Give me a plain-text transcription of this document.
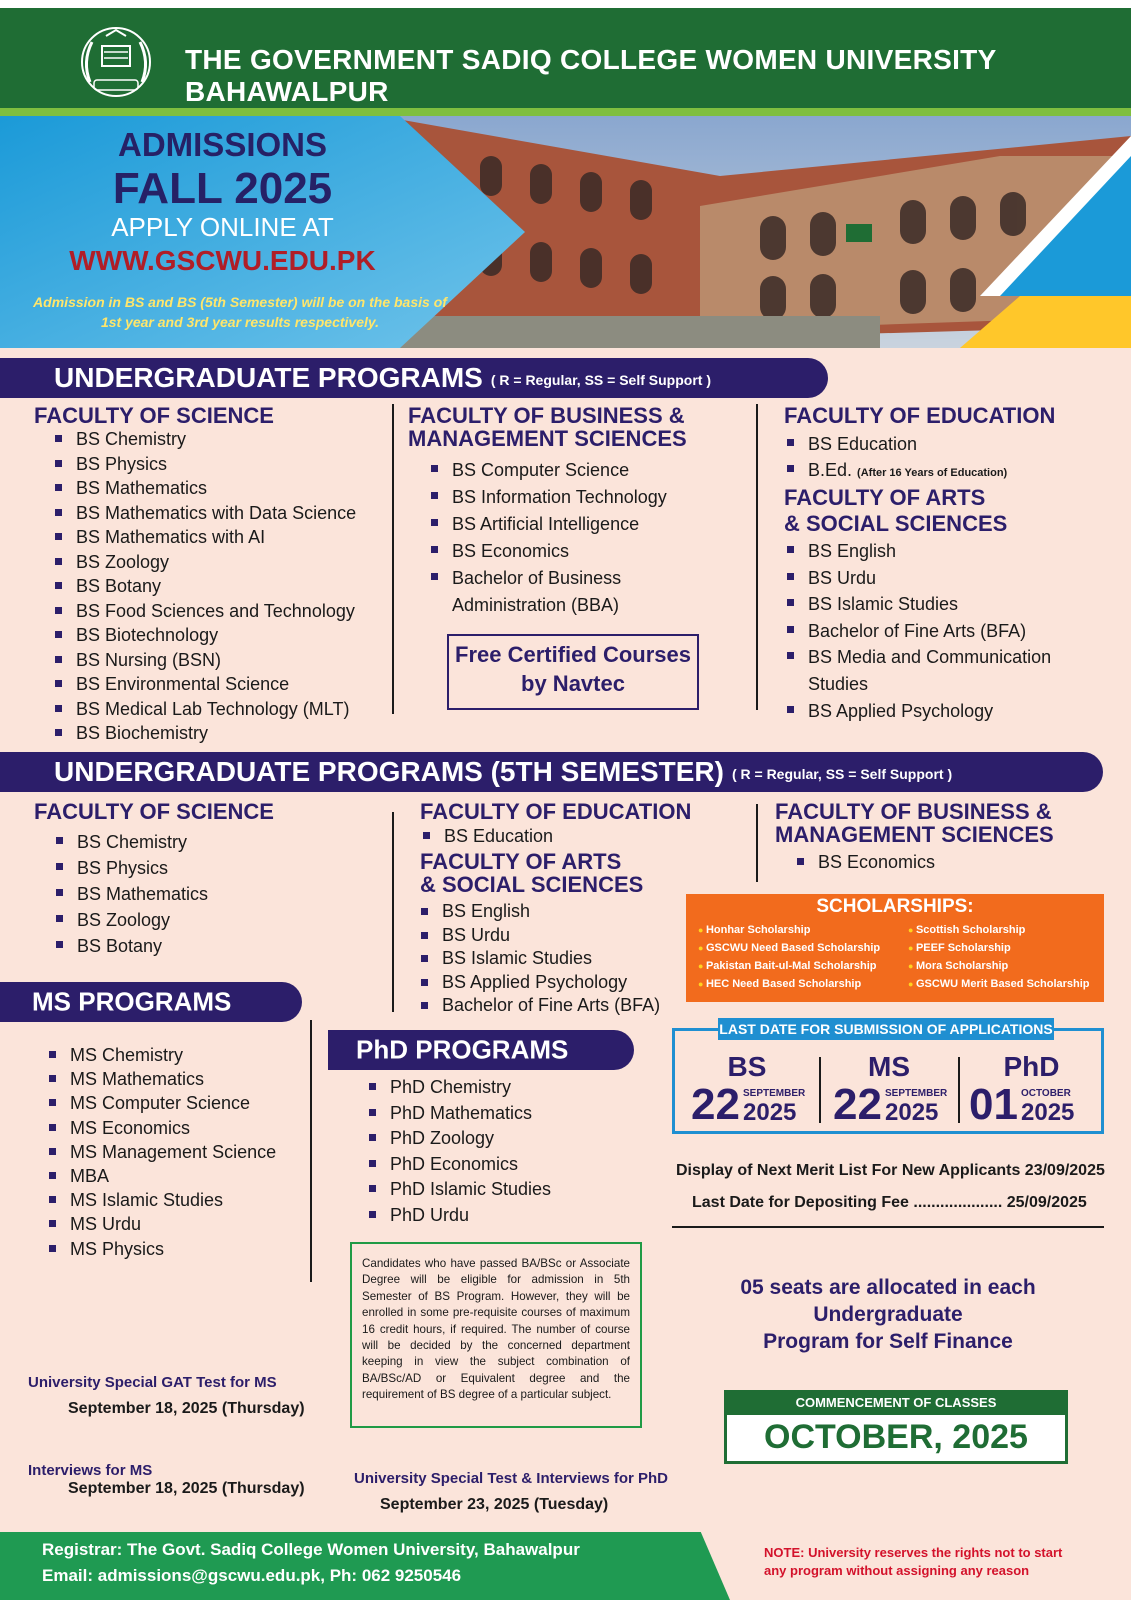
THE GOVERNMENT SADIQ COLLEGE WOMEN UNIVERSITY BAHAWALPUR
ADMISSIONS
FALL 2025
APPLY ONLINE AT
WWW.GSCWU.EDU.PK
Admission in BS and BS (5th Semester) will be on the basis of 1st year and 3rd year results respectively.
UNDERGRADUATE PROGRAMS ( R = Regular, SS = Self Support )
FACULTY OF SCIENCE
BS Chemistry
BS Physics
BS Mathematics
BS Mathematics with Data Science
BS Mathematics with AI
BS Zoology
BS Botany
BS Food Sciences and Technology
BS Biotechnology
BS Nursing (BSN)
BS Environmental Science
BS Medical Lab Technology (MLT)
BS Biochemistry
FACULTY OF BUSINESS &
MANAGEMENT SCIENCES
BS Computer Science
BS Information Technology
BS Artificial Intelligence
BS Economics
Bachelor of Business
Administration (BBA)
Free Certified Courses
by Navtec
FACULTY OF EDUCATION
BS Education
B.Ed. (After 16 Years of Education)
FACULTY OF ARTS
& SOCIAL SCIENCES
BS English
BS Urdu
BS Islamic Studies
Bachelor of Fine Arts (BFA)
BS Media and Communication
Studies
BS Applied Psychology
UNDERGRADUATE PROGRAMS (5TH SEMESTER) ( R = Regular, SS = Self Support )
FACULTY OF SCIENCE
BS Chemistry
BS Physics
BS Mathematics
BS Zoology
BS Botany
FACULTY OF EDUCATION
BS Education
FACULTY OF ARTS
& SOCIAL SCIENCES
BS English
BS Urdu
BS Islamic Studies
BS Applied Psychology
Bachelor of Fine Arts (BFA)
FACULTY OF BUSINESS &
MANAGEMENT SCIENCES
BS Economics
SCHOLARSHIPS:
● Honhar Scholarship
● GSCWU Need Based Scholarship
● Pakistan Bait-ul-Mal Scholarship
● HEC Need Based Scholarship
● Scottish Scholarship
● PEEF Scholarship
● Mora Scholarship
● GSCWU Merit Based Scholarship
MS PROGRAMS
MS Chemistry
MS Mathematics
MS Computer Science
MS Economics
MS Management Science
MBA
MS Islamic Studies
MS Urdu
MS Physics
PhD PROGRAMS
PhD Chemistry
PhD Mathematics
PhD Zoology
PhD Economics
PhD Islamic Studies
PhD Urdu
BS
22 SEPTEMBER
2025
MS
22 SEPTEMBER
2025
PhD
01 OCTOBER
2025
LAST DATE FOR SUBMISSION OF APPLICATIONS
Display of Next Merit List For New Applicants 23/09/2025
Last Date for Depositing Fee .................... 25/09/2025
05 seats are allocated in each Undergraduate
Program for Self Finance
Candidates who have passed BA/BSc or Associate Degree will be eligible for admission in 5th Semester of BS Program. However, they will be enrolled in some pre-requisite courses of maximum 16 credit hours, if required. The number of course will be decided by the concerned department keeping in view the subject combination of BA/BSc/AD or Equivalent degree and the requirement of BS degree of a particular subject.
COMMENCEMENT OF CLASSES
OCTOBER, 2025
University Special GAT Test for MS
September 18, 2025 (Thursday)
Interviews for MS
September 18, 2025 (Thursday)
University Special Test & Interviews for PhD
September 23, 2025 (Tuesday)
Registrar: The Govt. Sadiq College Women University, Bahawalpur
Email: admissions@gscwu.edu.pk, Ph: 062 9250546
NOTE: University reserves the rights not to start
any program without assigning any reason
